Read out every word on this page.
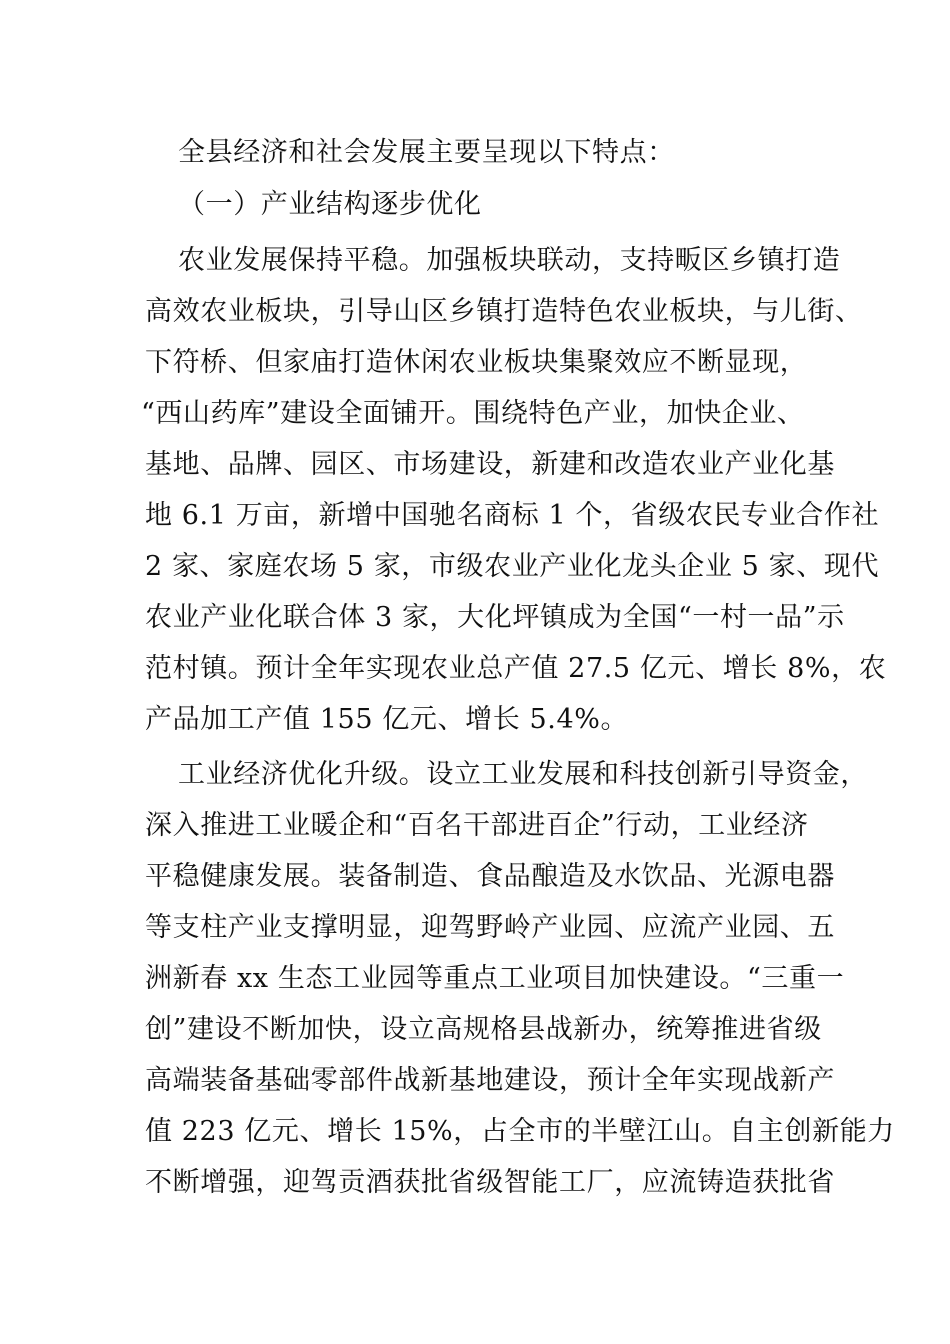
全县经济和社会发展主要呈现以下特点：
（一）产业结构逐步优化
农业发展保持平稳。加强板块联动，支持畈区乡镇打造
高效农业板块，引导山区乡镇打造特色农业板块，与儿街、
下符桥、但家庙打造休闲农业板块集聚效应不断显现，
“西山药库”建设全面铺开。围绕特色产业，加快企业、
基地、品牌、园区、市场建设，新建和改造农业产业化基
地 6.1 万亩，新增中国驰名商标 1 个，省级农民专业合作社
2 家、家庭农场 5 家，市级农业产业化龙头企业 5 家、现代
农业产业化联合体 3 家，大化坪镇成为全国“一村一品”示
范村镇。预计全年实现农业总产值 27.5 亿元、增长 8%，农
产品加工产值 155 亿元、增长 5.4%。
工业经济优化升级。设立工业发展和科技创新引导资金，
深入推进工业暖企和“百名干部进百企”行动，工业经济
平稳健康发展。装备制造、食品酿造及水饮品、光源电器
等支柱产业支撑明显，迎驾野岭产业园、应流产业园、五
洲新春 xx 生态工业园等重点工业项目加快建设。“三重一
创”建设不断加快，设立高规格县战新办，统筹推进省级
高端装备基础零部件战新基地建设，预计全年实现战新产
值 223 亿元、增长 15%，占全市的半壁江山。自主创新能力
不断增强，迎驾贡酒获批省级智能工厂，应流铸造获批省
